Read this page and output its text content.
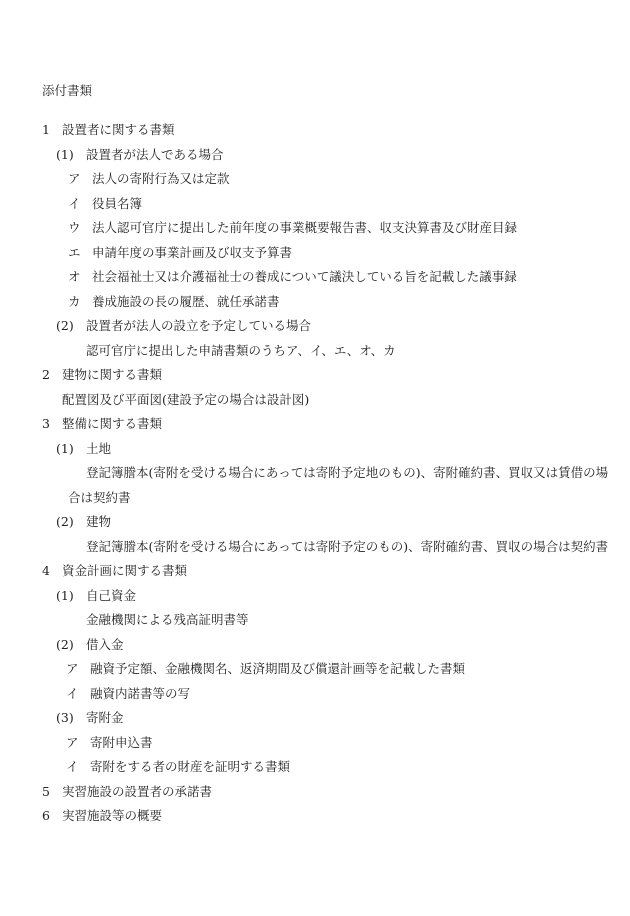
添付書類
1 設置者に関する書類
(1) 設置者が法人である場合
ア 法人の寄附行為又は定款
イ 役員名簿
ウ 法人認可官庁に提出した前年度の事業概要報告書、収支決算書及び財産目録
エ 申請年度の事業計画及び収支予算書
オ 社会福祉士又は介護福祉士の養成について議決している旨を記載した議事録
カ 養成施設の長の履歴、就任承諾書
(2) 設置者が法人の設立を予定している場合
認可官庁に提出した申請書類のうちア、イ、エ、オ、カ
2 建物に関する書類
配置図及び平面図(建設予定の場合は設計図)
3 整備に関する書類
(1) 土地
登記簿謄本(寄附を受ける場合にあっては寄附予定地のもの)、寄附確約書、買収又は賃借の場
合は契約書
(2) 建物
登記簿謄本(寄附を受ける場合にあっては寄附予定のもの)、寄附確約書、買収の場合は契約書
4 資金計画に関する書類
(1) 自己資金
金融機関による残高証明書等
(2) 借入金
ア 融資予定額、金融機関名、返済期間及び償還計画等を記載した書類
イ 融資内諾書等の写
(3) 寄附金
ア 寄附申込書
イ 寄附をする者の財産を証明する書類
5 実習施設の設置者の承諾書
6 実習施設等の概要
